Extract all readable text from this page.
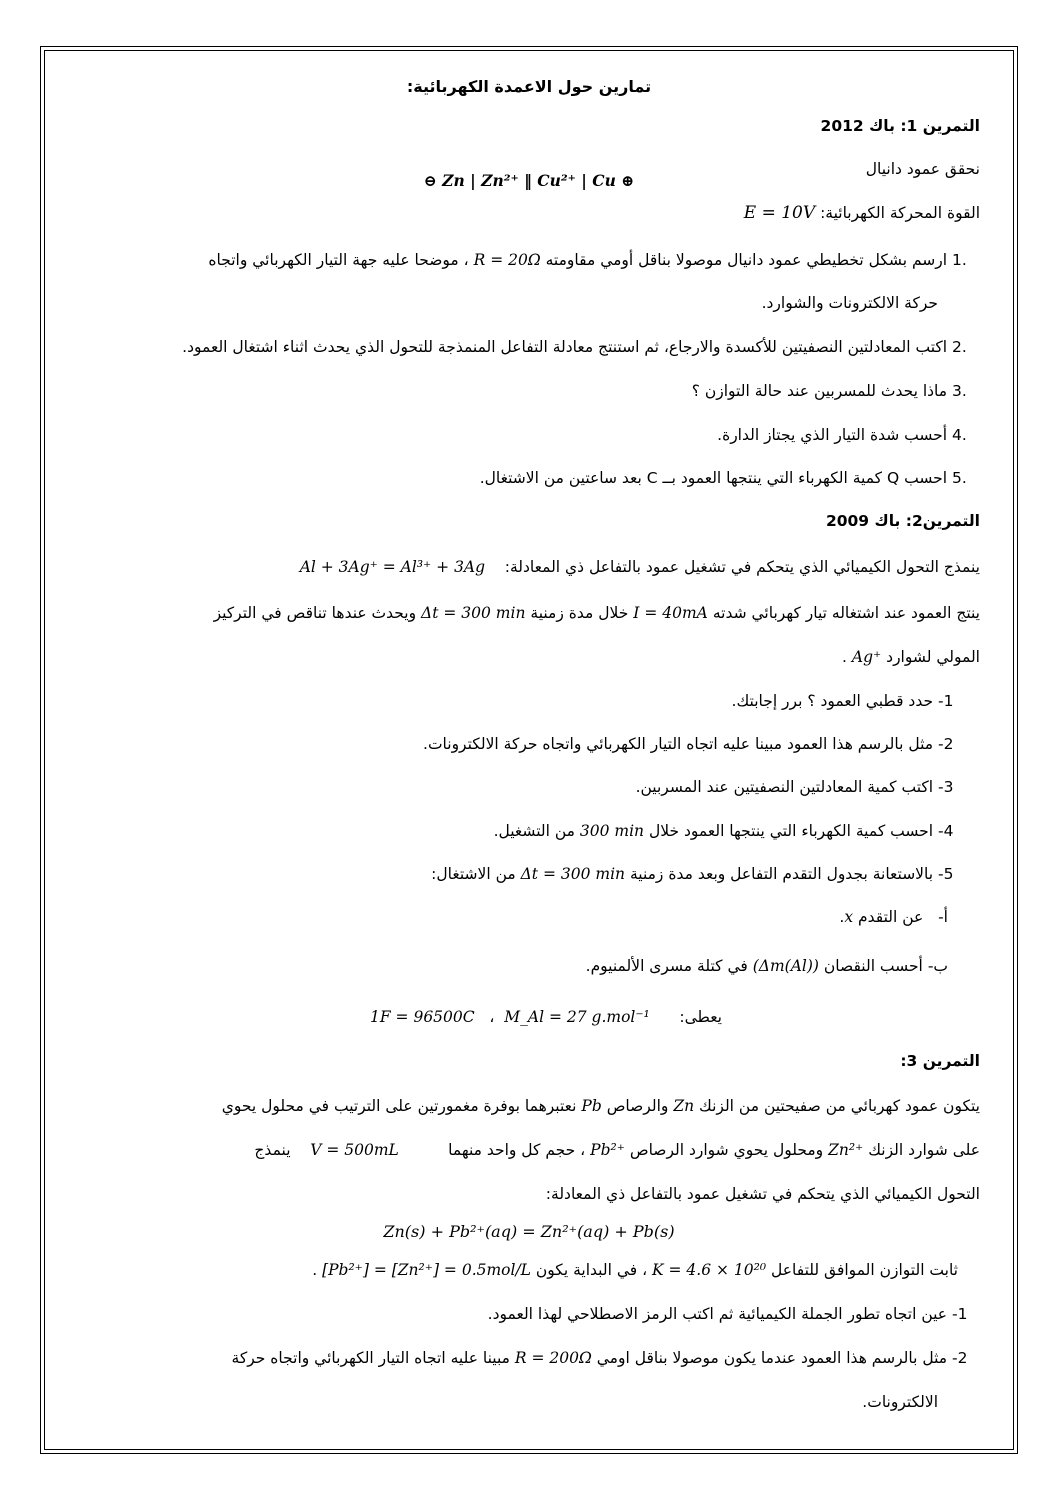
تمارين حول الاعمدة الكهربائية:
التمرين 1: باك 2012
نحقق عمود دانيال
⊖ Zn | Zn²⁺ ‖ Cu²⁺ | Cu ⊕
القوة المحركة الكهربائية: E = 10V
1. ارسم بشكل تخطيطي عمود دانيال موصولا بناقل أومي مقاومته R = 20Ω ، موضحا عليه جهة التيار الكهربائي واتجاه
حركة الالكترونات والشوارد.
2. اكتب المعادلتين النصفيتين للأكسدة والارجاع، ثم استنتج معادلة التفاعل المنمذجة للتحول الذي يحدث اثناء اشتغال العمود.
3. ماذا يحدث للمسربين عند حالة التوازن ؟
4. أحسب شدة التيار الذي يجتاز الدارة.
5. احسب Q كمية الكهرباء التي ينتجها العمود بــ C بعد ساعتين من الاشتغال.
التمرين2: باك 2009
ينمذج التحول الكيميائي الذي يتحكم في تشغيل عمود بالتفاعل ذي المعادلة:    Al + 3Ag⁺ = Al³⁺ + 3Ag
ينتج العمود عند اشتغاله تيار كهربائي شدته I = 40mA خلال مدة زمنية Δt = 300 min ويحدث عندها تناقص في التركيز
المولي لشوارد Ag⁺ .
-1 حدد قطبي العمود ؟ برر إجابتك.
-2 مثل بالرسم هذا العمود مبينا عليه اتجاه التيار الكهربائي واتجاه حركة الالكترونات.
-3 اكتب كمية المعادلتين النصفيتين عند المسربين.
-4 احسب كمية الكهرباء التي ينتجها العمود خلال 300 min من التشغيل.
-5 بالاستعانة بجدول التقدم التفاعل وبعد مدة زمنية Δt = 300 min من الاشتغال:
أ-   عن التقدم x.
ب- أحسب النقصان (Δm(Al)) في كتلة مسرى الألمنيوم.
يعطى:      M_Al = 27 g.mol⁻¹  ،   1F = 96500C
التمرين 3:
يتكون عمود كهربائي من صفيحتين من الزنك Zn والرصاص Pb نعتبرهما بوفرة مغمورتين على الترتيب في محلول يحوي
على شوارد الزنك Zn²⁺ ومحلول يحوي شوارد الرصاص Pb²⁺ ، حجم كل واحد منهما          V = 500mL    ينمذج
التحول الكيميائي الذي يتحكم في تشغيل عمود بالتفاعل ذي المعادلة:
Zn(s) + Pb²⁺(aq) = Zn²⁺(aq) + Pb(s)
ثابت التوازن الموافق للتفاعل K = 4.6 × 10²⁰ ، في البداية يكون [Pb²⁺] = [Zn²⁺] = 0.5mol/L .
-1 عين اتجاه تطور الجملة الكيميائية ثم اكتب الرمز الاصطلاحي لهذا العمود.
-2 مثل بالرسم هذا العمود عندما يكون موصولا بناقل اومي R = 200Ω مبينا عليه اتجاه التيار الكهربائي واتجاه حركة
الالكترونات.
